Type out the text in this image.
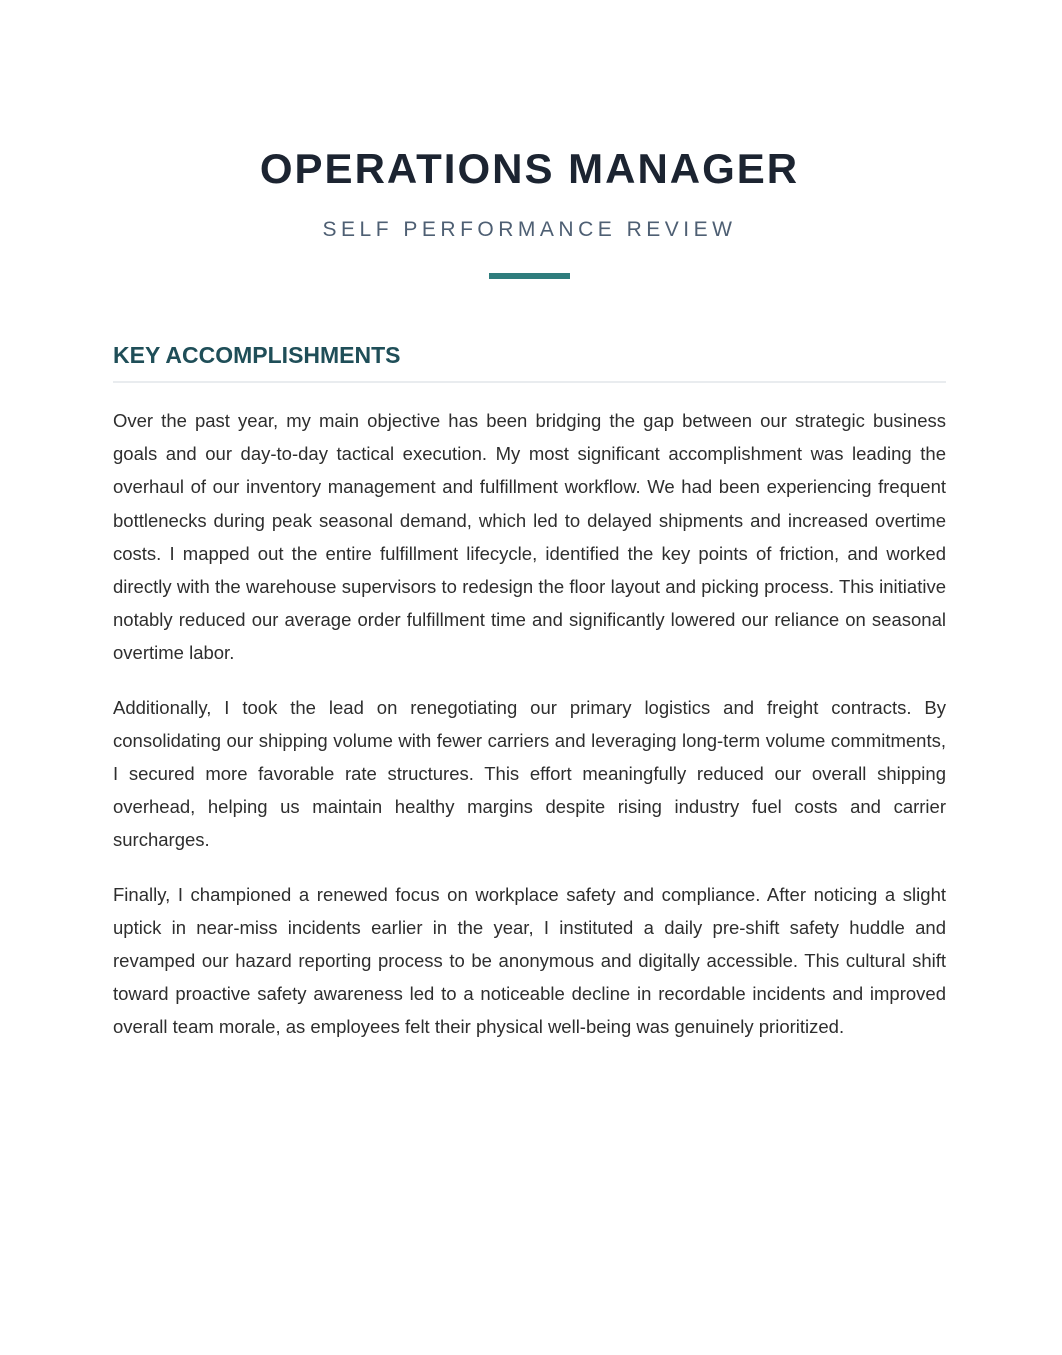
OPERATIONS MANAGER
SELF PERFORMANCE REVIEW
KEY ACCOMPLISHMENTS

Over the past year, my main objective has been bridging the gap between our strategic business goals and our day-to-day tactical execution. My most significant accomplishment was leading the overhaul of our inventory management and fulfillment workflow. We had been experiencing frequent bottlenecks during peak seasonal demand, which led to delayed shipments and increased overtime costs. I mapped out the entire fulfillment lifecycle, identified the key points of friction, and worked directly with the warehouse supervisors to redesign the floor layout and picking process. This initiative notably reduced our average order fulfillment time and significantly lowered our reliance on seasonal overtime labor.

Additionally, I took the lead on renegotiating our primary logistics and freight contracts. By consolidating our shipping volume with fewer carriers and leveraging long-term volume commitments, I secured more favorable rate structures. This effort meaningfully reduced our overall shipping overhead, helping us maintain healthy margins despite rising industry fuel costs and carrier surcharges.

Finally, I championed a renewed focus on workplace safety and compliance. After noticing a slight uptick in near-miss incidents earlier in the year, I instituted a daily pre-shift safety huddle and revamped our hazard reporting process to be anonymous and digitally accessible. This cultural shift toward proactive safety awareness led to a noticeable decline in recordable incidents and improved overall team morale, as employees felt their physical well-being was genuinely prioritized.
